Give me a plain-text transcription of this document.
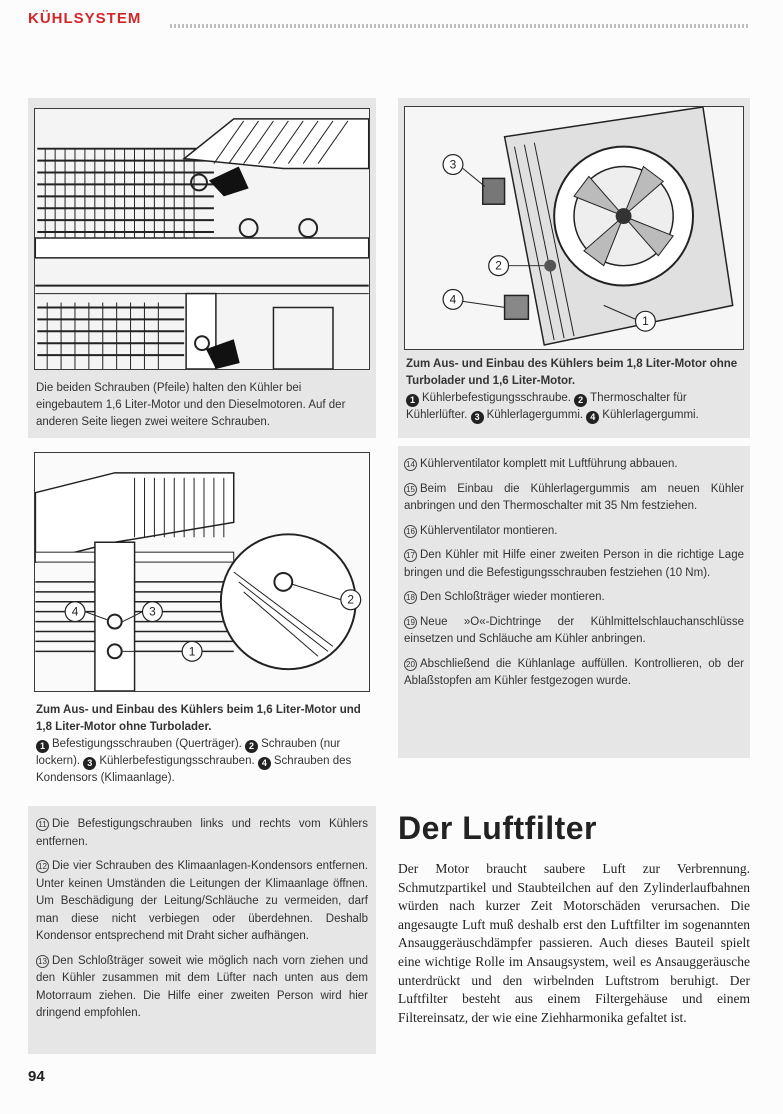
KÜHLSYSTEM
Die beiden Schrauben (Pfeile) halten den Kühler bei eingebautem 1,6 Liter-Motor und den Dieselmotoren. Auf der anderen Seite liegen zwei weitere Schrauben.
4	3
2
1
Zum Aus- und Einbau des Kühlers beim 1,6 Liter-Motor und 1,8 Liter-Motor ohne Turbolader.
1 Befestigungsschrauben (Querträger). 2 Schrauben (nur lockern). 3 Kühlerbefestigungsschrauben. 4 Schrauben des Kondensors (Klimaanlage).
11 Die Befestigungschrauben links und rechts vom Kühlers entfernen.
12 Die vier Schrauben des Klimaanlagen-Kondensors entfernen. Unter keinen Umständen die Leitungen der Klimaanlage öffnen. Um Beschädigung der Leitung/Schläuche zu vermeiden, darf man diese nicht verbiegen oder überdehnen. Deshalb Kondensor entsprechend mit Draht sicher aufhängen.
13 Den Schloßträger soweit wie möglich nach vorn ziehen und den Kühler zusammen mit dem Lüfter nach unten aus dem Motorraum ziehen. Die Hilfe einer zweiten Person wird hier dringend empfohlen.
2
3
4
1
Zum Aus- und Einbau des Kühlers beim 1,8 Liter-Motor ohne Turbolader und 1,6 Liter-Motor.
1 Kühlerbefestigungsschraube. 2 Thermoschalter für Kühlerlüfter. 3 Kühlerlagergummi. 4 Kühlerlagergummi.
14 Kühlerventilator komplett mit Luftführung abbauen.
15 Beim Einbau die Kühlerlagergummis am neuen Kühler anbringen und den Thermoschalter mit 35 Nm festziehen.
16 Kühlerventilator montieren.
17 Den Kühler mit Hilfe einer zweiten Person in die richtige Lage bringen und die Befestigungsschrauben festziehen (10 Nm).
18 Den Schloßträger wieder montieren.
19 Neue »O«-Dichtringe der Kühlmittelschlauchanschlüsse einsetzen und Schläuche am Kühler anbringen.
20 Abschließend die Kühlanlage auffüllen. Kontrollieren, ob der Ablaßstopfen am Kühler festgezogen wurde.
Der Luftfilter
Der Motor braucht saubere Luft zur Verbrennung. Schmutzpartikel und Staubteilchen auf den Zylinderlaufbahnen würden nach kurzer Zeit Motorschäden verursachen. Die angesaugte Luft muß deshalb erst den Luftfilter im sogenannten Ansauggeräuschdämpfer passieren. Auch dieses Bauteil spielt eine wichtige Rolle im Ansaugsystem, weil es Ansauggeräusche unterdrückt und den wirbelnden Luftstrom beruhigt. Der Luftfilter besteht aus einem Filtergehäuse und einem Filtereinsatz, der wie eine Ziehharmonika gefaltet ist.
94
